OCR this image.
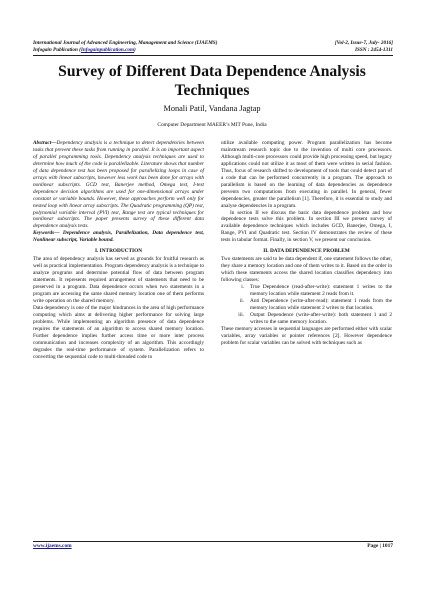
International Journal of Advanced Engineering, Management and Science (IJAEMS)	[Vol-2, Issue-7, July- 2016]
Infogain Publication (Infogainpublication.com)	ISSN : 2454-1311
Survey of Different Data Dependence Analysis
Techniques
Monali Patil, Vandana Jagtap
Computer Department MAEER’s MIT Pune, India

Abstract—Dependency analysis is a technique to detect dependencies between tasks that prevent these tasks from running in parallel. It is an important aspect of parallel programming tools. Dependency analysis techniques are used to determine how much of the code is parallelizable. Literature shows that number of data dependence test has been proposed for parallelizing loops in case of arrays with linear subscripts, however less work has been done for arrays with nonlinear subscripts. GCD test, Banerjee method, Omega test, I-test dependence decision algorithms are used for one-dimensional arrays under constant or variable bounds. However, these approaches perform well only for nested loop with linear array subscripts. The Quadratic programming (QP) test, polynomial variable interval (PVI) test, Range test are typical techniques for nonlinear subscripts. The paper presents survey of these different data dependence analysis tests.

Keywords— Dependence analysis, Parallelization, Data dependence test, Nonlinear subscript, Variable bound.

I. INTRODUCTION

The area of dependency analysis has served as grounds for fruitful research as well as practical implementation. Program dependency analysis is a technique to analyze programs and determine potential flow of data between program statements. It represents required arrangement of statements that need to be preserved in a program. Data dependence occurs when two statements in a program are accessing the same shared memory location one of them performs write operation on the shared memory.

Data dependency is one of the major hindrances in the area of high performance computing which aims at delivering higher performance for solving large problems. While implementing an algorithm presence of data dependence requires the statements of an algorithm to access shared memory location. Further dependence implies further access time or more inter process communication and increases complexity of an algorithm. This accordingly degrades the real-time performance of system. Parallelization refers to converting the sequential code to multi-threaded code to

utilize available computing power. Program parallelization has become mainstream research topic due to the invention of multi core processors. Although multi-core processors could provide high processing speed, but legacy applications could not utilize it as most of them were written in serial fashion. Thus, focus of research shifted to development of tools that could detect part of a code that can be performed concurrently in a program. The approach to parallelism is based on the learning of data dependencies as dependence prevents two computations from executing in parallel. In general, fewer dependencies, greater the parallelism [1]. Therefore, it is essential to study and analyse dependencies in a program.

In section II we discuss the basic data dependence problem and how dependence tests solve this problem. In section III we present survey of available dependence techniques which includes GCD, Banerjee, Omega, I, Range, PVI and Quadratic test. Section IV demonstrates the review of these tests in tabular format. Finally, in section V, we present our conclusion.

II. DATA DEPENDENCE PROBLEM

Two statements are said to be data dependent if, one statement follows the other, they share a memory location and one of them writes to it. Based on the order in which these statements access the shared location classifies dependency into following classes:

i.	True Dependence (read-after-write): statement 1 writes to the memory location while statement 2 reads from it.
ii.	Anti Dependence (write-after-read): statement 1 reads from the memory location while statement 2 writes to that location.
iii.	Output Dependence (write-after-write): both statement 1 and 2 writes to the same memory location.

These memory accesses in sequential languages are performed either with scalar variables, array variables or pointer references [2]. However dependence problem for scalar variables can be solved with techniques such as

www.ijaems.com	Page | 1017
